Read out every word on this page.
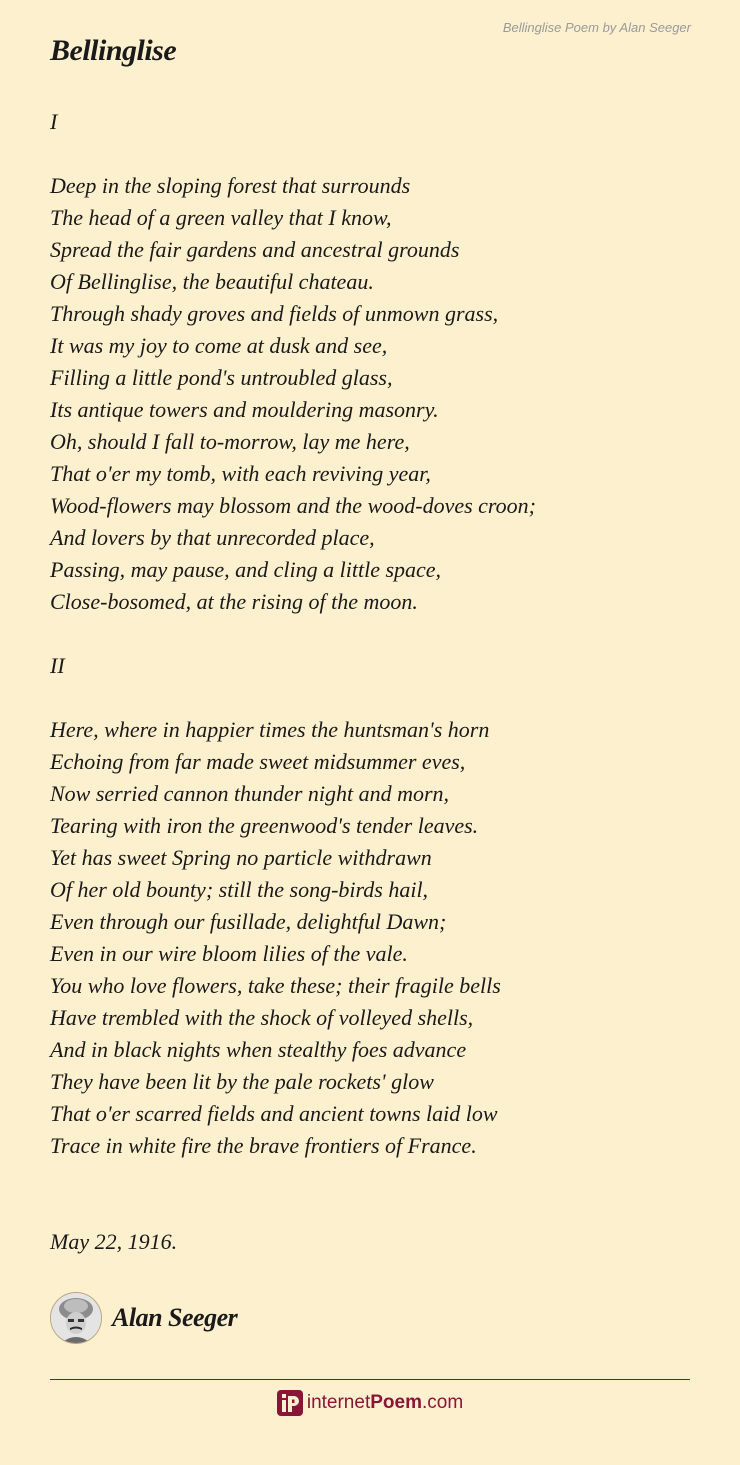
Bellinglise Poem by Alan Seeger
Bellinglise
I
Deep in the sloping forest that surrounds
The head of a green valley that I know,
Spread the fair gardens and ancestral grounds
Of Bellinglise, the beautiful chateau.
Through shady groves and fields of unmown grass,
It was my joy to come at dusk and see,
Filling a little pond's untroubled glass,
Its antique towers and mouldering masonry.
Oh, should I fall to-morrow, lay me here,
That o'er my tomb, with each reviving year,
Wood-flowers may blossom and the wood-doves croon;
And lovers by that unrecorded place,
Passing, may pause, and cling a little space,
Close-bosomed, at the rising of the moon.
II
Here, where in happier times the huntsman's horn
Echoing from far made sweet midsummer eves,
Now serried cannon thunder night and morn,
Tearing with iron the greenwood's tender leaves.
Yet has sweet Spring no particle withdrawn
Of her old bounty; still the song-birds hail,
Even through our fusillade, delightful Dawn;
Even in our wire bloom lilies of the vale.
You who love flowers, take these; their fragile bells
Have trembled with the shock of volleyed shells,
And in black nights when stealthy foes advance
They have been lit by the pale rockets' glow
That o'er scarred fields and ancient towns laid low
Trace in white fire the brave frontiers of France.
May 22, 1916.
Alan Seeger
internet Poem .com
